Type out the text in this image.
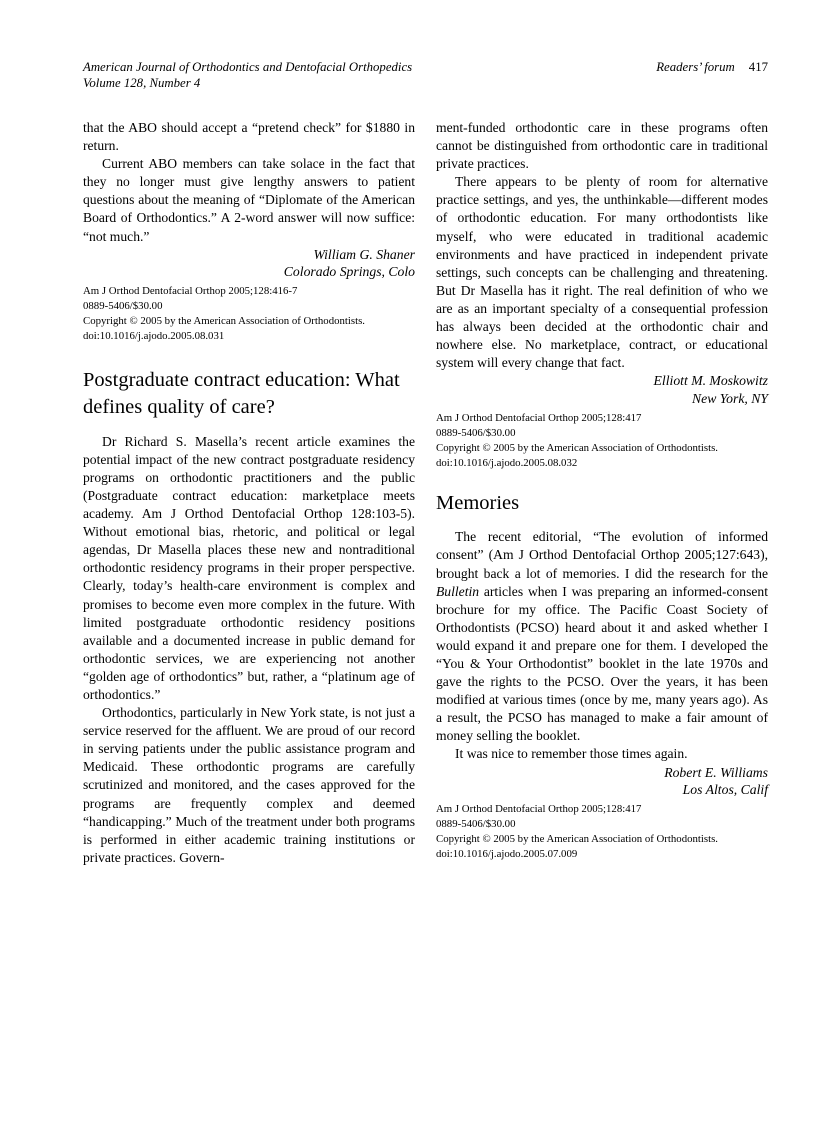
American Journal of Orthodontics and Dentofacial Orthopedics
Volume 128, Number 4
Readers’ forum 417

that the ABO should accept a “pretend check” for $1880 in return.

Current ABO members can take solace in the fact that they no longer must give lengthy answers to patient questions about the meaning of “Diplomate of the American Board of Orthodontics.” A 2-word answer will now suffice: “not much.”

William G. Shaner
Colorado Springs, Colo
Am J Orthod Dentofacial Orthop 2005;128:416-7
0889-5406/$30.00
Copyright © 2005 by the American Association of Orthodontists.
doi:10.1016/j.ajodo.2005.08.031
Postgraduate contract education: What defines quality of care?

Dr Richard S. Masella’s recent article examines the potential impact of the new contract postgraduate residency programs on orthodontic practitioners and the public (Postgraduate contract education: marketplace meets academy. Am J Orthod Dentofacial Orthop 128:103-5). Without emotional bias, rhetoric, and political or legal agendas, Dr Masella places these new and nontraditional orthodontic residency programs in their proper perspective. Clearly, today’s health-care environment is complex and promises to become even more complex in the future. With limited postgraduate orthodontic residency positions available and a documented increase in public demand for orthodontic services, we are experiencing not another “golden age of orthodontics” but, rather, a “platinum age of orthodontics.”

Orthodontics, particularly in New York state, is not just a service reserved for the affluent. We are proud of our record in serving patients under the public assistance program and Medicaid. These orthodontic programs are carefully scrutinized and monitored, and the cases approved for the programs are frequently complex and deemed “handicapping.” Much of the treatment under both programs is performed in either academic training institutions or private practices. Govern-

ment-funded orthodontic care in these programs often cannot be distinguished from orthodontic care in traditional private practices.

There appears to be plenty of room for alternative practice settings, and yes, the unthinkable—different modes of orthodontic education. For many orthodontists like myself, who were educated in traditional academic environments and have practiced in independent private settings, such concepts can be challenging and threatening. But Dr Masella has it right. The real definition of who we are as an important specialty of a consequential profession has always been decided at the orthodontic chair and nowhere else. No marketplace, contract, or educational system will every change that fact.

Elliott M. Moskowitz
New York, NY
Am J Orthod Dentofacial Orthop 2005;128:417
0889-5406/$30.00
Copyright © 2005 by the American Association of Orthodontists.
doi:10.1016/j.ajodo.2005.08.032
Memories

The recent editorial, “The evolution of informed consent” (Am J Orthod Dentofacial Orthop 2005;127:643), brought back a lot of memories. I did the research for the Bulletin articles when I was preparing an informed-consent brochure for my office. The Pacific Coast Society of Orthodontists (PCSO) heard about it and asked whether I would expand it and prepare one for them. I developed the “You & Your Orthodontist” booklet in the late 1970s and gave the rights to the PCSO. Over the years, it has been modified at various times (once by me, many years ago). As a result, the PCSO has managed to make a fair amount of money selling the booklet.

It was nice to remember those times again.

Robert E. Williams
Los Altos, Calif
Am J Orthod Dentofacial Orthop 2005;128:417
0889-5406/$30.00
Copyright © 2005 by the American Association of Orthodontists.
doi:10.1016/j.ajodo.2005.07.009
